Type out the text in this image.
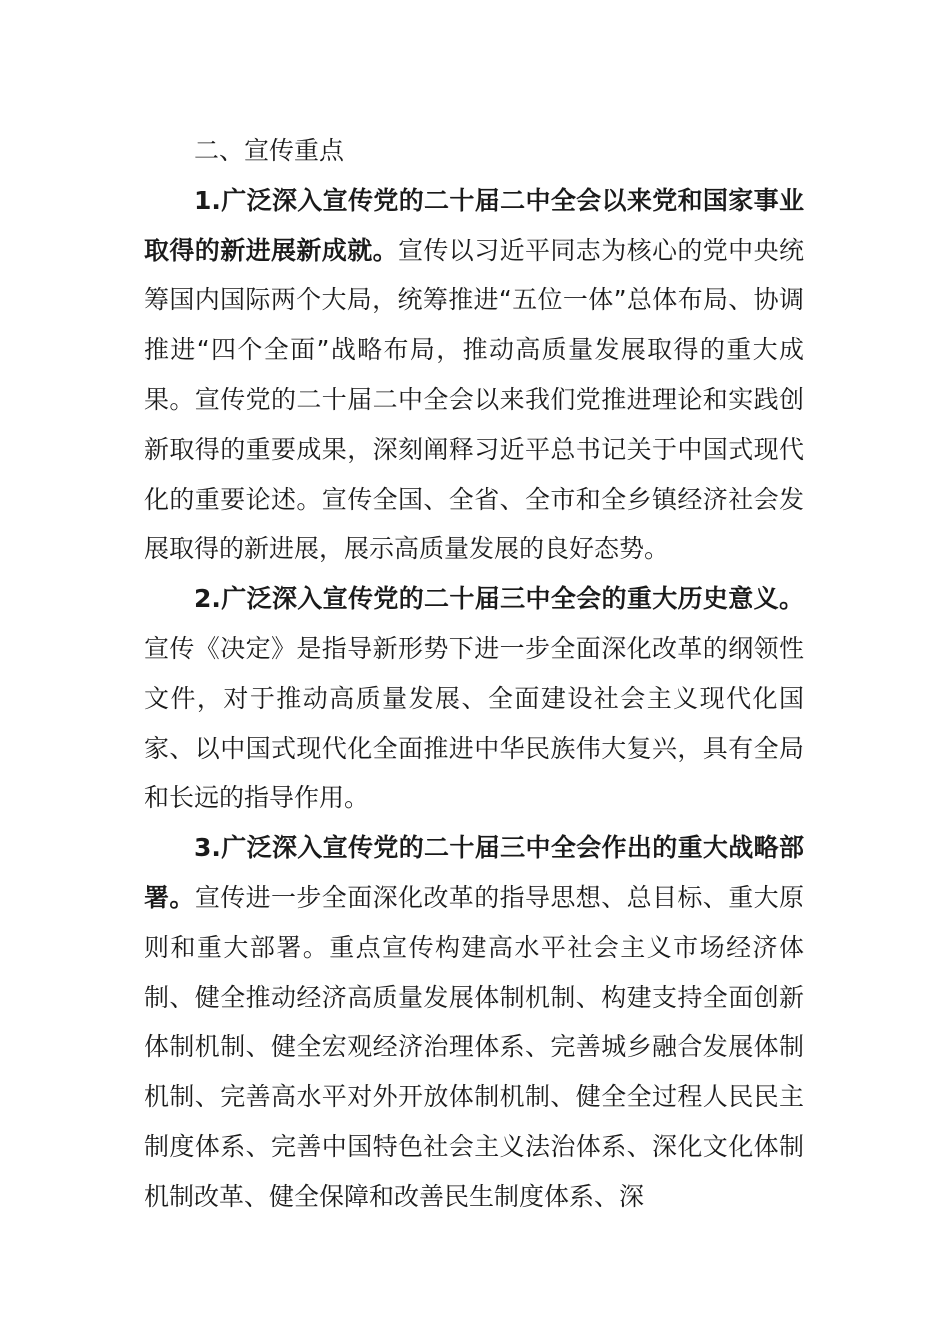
二、宣传重点

1.广泛深入宣传党的二十届二中全会以来党和国家事业取得的新进展新成就。宣传以习近平同志为核心的党中央统筹国内国际两个大局，统筹推进“五位一体”总体布局、协调推进“四个全面”战略布局，推动高质量发展取得的重大成果。宣传党的二十届二中全会以来我们党推进理论和实践创新取得的重要成果，深刻阐释习近平总书记关于中国式现代化的重要论述。宣传全国、全省、全市和全乡镇经济社会发展取得的新进展，展示高质量发展的良好态势。

2.广泛深入宣传党的二十届三中全会的重大历史意义。宣传《决定》是指导新形势下进一步全面深化改革的纲领性文件，对于推动高质量发展、全面建设社会主义现代化国家、以中国式现代化全面推进中华民族伟大复兴，具有全局和长远的指导作用。

3.广泛深入宣传党的二十届三中全会作出的重大战略部署。宣传进一步全面深化改革的指导思想、总目标、重大原则和重大部署。重点宣传构建高水平社会主义市场经济体制、健全推动经济高质量发展体制机制、构建支持全面创新体制机制、健全宏观经济治理体系、完善城乡融合发展体制机制、完善高水平对外开放体制机制、健全全过程人民民主制度体系、完善中国特色社会主义法治体系、深化文化体制机制改革、健全保障和改善民生制度体系、深
